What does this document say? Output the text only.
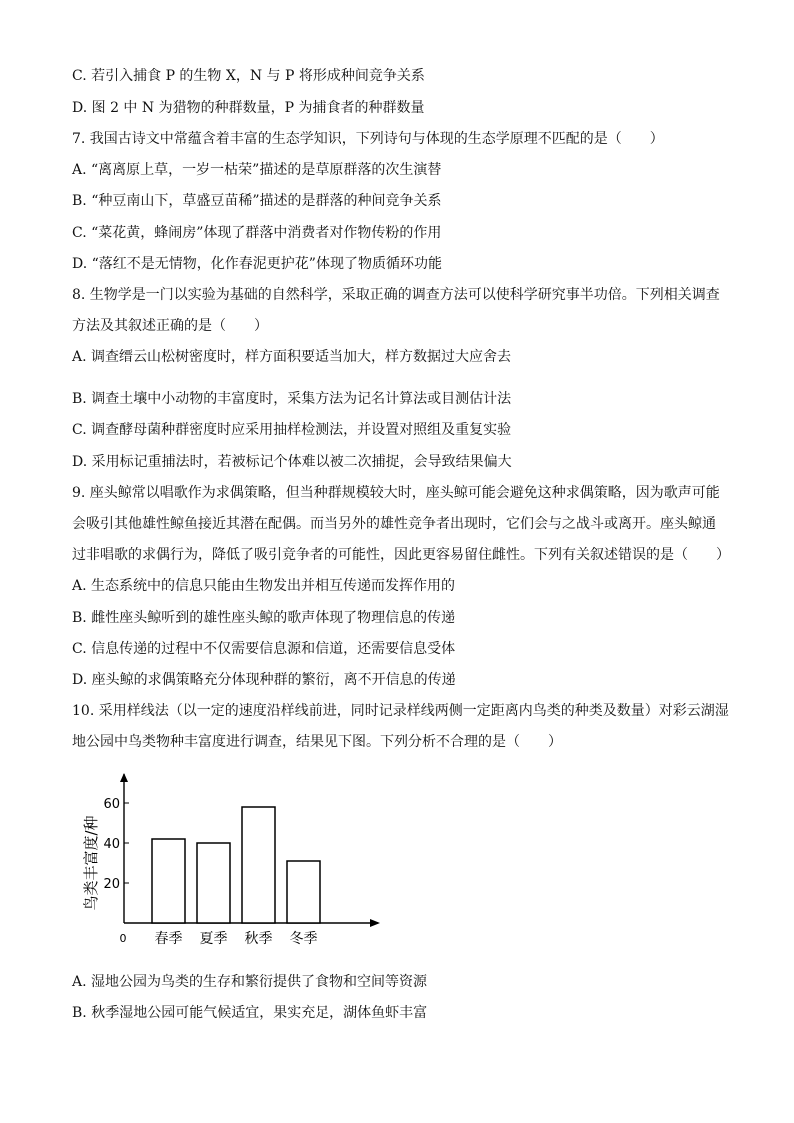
C. 若引入捕食 P 的生物 X，N 与 P 将形成种间竞争关系
D. 图 2 中 N 为猎物的种群数量，P 为捕食者的种群数量
7. 我国古诗文中常蕴含着丰富的生态学知识，下列诗句与体现的生态学原理不匹配的是（　　）
A. “离离原上草，一岁一枯荣”描述的是草原群落的次生演替
B. “种豆南山下，草盛豆苗稀”描述的是群落的种间竞争关系
C. “菜花黄，蜂闹房”体现了群落中消费者对作物传粉的作用
D. “落红不是无情物，化作春泥更护花”体现了物质循环功能
8. 生物学是一门以实验为基础的自然科学，采取正确的调查方法可以使科学研究事半功倍。下列相关调查
方法及其叙述正确的是（　　）
A. 调查缙云山松树密度时，样方面积要适当加大，样方数据过大应舍去
B. 调查土壤中小动物的丰富度时，采集方法为记名计算法或目测估计法
C. 调查酵母菌种群密度时应采用抽样检测法，并设置对照组及重复实验
D. 采用标记重捕法时，若被标记个体难以被二次捕捉，会导致结果偏大
9. 座头鲸常以唱歌作为求偶策略，但当种群规模较大时，座头鲸可能会避免这种求偶策略，因为歌声可能
会吸引其他雄性鲸鱼接近其潜在配偶。而当另外的雄性竞争者出现时，它们会与之战斗或离开。座头鲸通
过非唱歌的求偶行为，降低了吸引竞争者的可能性，因此更容易留住雌性。下列有关叙述错误的是（　　）
A. 生态系统中的信息只能由生物发出并相互传递而发挥作用的
B. 雌性座头鲸听到的雄性座头鲸的歌声体现了物理信息的传递
C. 信息传递的过程中不仅需要信息源和信道，还需要信息受体
D. 座头鲸的求偶策略充分体现种群的繁衍，离不开信息的传递
10. 采用样线法（以一定的速度沿样线前进，同时记录样线两侧一定距离内鸟类的种类及数量）对彩云湖湿
地公园中鸟类物种丰富度进行调查，结果见下图。下列分析不合理的是（　　）
20
40
60
0
鸟类丰富度/种
春季 夏季 秋季 冬季
A. 湿地公园为鸟类的生存和繁衍提供了食物和空间等资源
B. 秋季湿地公园可能气候适宜，果实充足，湖体鱼虾丰富
